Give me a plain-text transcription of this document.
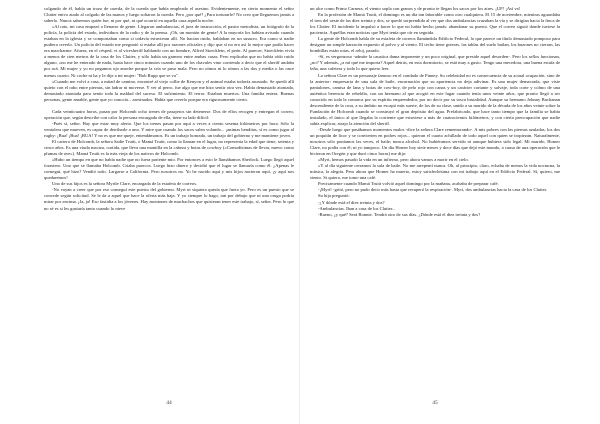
colgando de él, había un trozo de cuerda, de la cuerda que había empleado el asesino. Evidentemente, en cierto momento el señor Clutter enivo atado al colgado de las manos y luego soltaron la cuerda. Pero ¿por qué? ¿Para torturarle? No creo que lleguemos jamás a saberlo. Nunca sabremos quién fue, ni por qué, ni qué ocurrió en aquella casa aquella noche.

»Al rato, mi casa empezó a llenarse de gente. Llegaron ambulancias, el juez de instrucción, el pastor metodista, un fotógrafo de la policía, la policía del estado, individuos de la radio y de la prensa. ¡Oh, un montón de gente! A la mayoría los habían avisado cuando estaban en la iglesia y se comportaban como si todavía estuvieran allí. No hacían ruido, hablaban en un susurro. Era como si nadie pudiera creerlo. Un policía del estado me preguntó si estaba allí por razones oficiales y dijo que sí no era así lo mejor que podía hacer era marcharme. Afuera, en el césped, vi al vicesheriff hablando con un hombre, Alfred Stoecklein, el peón. Al parecer, Stoecklein vivía a menos de cien metros de la casa de los Clutter, y sólo había un granero entre ambas casas. Pero explicaba que no había oído ruido alguno, «no me he enterado de nada, hasta hace cinco minutos cuando uno de los chavales vino corriendo a decir que el sheriff andaba por acá. Mi mujer y yo no pegamos ojo anoche porque la cría se puso mala. Pero no oímos ni lo oímos a las dos y media o las once menos cuarto. Ni coche ni ha y le dije a mi mujer: "Bob Rupp que se va".

»Cuando me volví a casa, a mitad de camino, encontré al viejo collie de Kenyon y el animal estaba todavía asustado. Se quedó allí quieto con el rabo entre piernas, sin ladrar ni moverse. Y ver al perro, fue algo que me hizo sentir otra vez. Había demasiado atontada, demasiado atontada para sentir toda la maldad del suceso. El sufrimiento. El terror. Estaban muertos. Una familia entera. Buenas personas, gente amable, gente que yo conocía... asesinados. Había que creerlo porque era rigurosamente cierto.

Cada veinticuatro horas, pasan por Holcomb ocho trenes de pasajeros sin detenerse. Dos de ellos recogen y entregan el correo, operación que, según describe con calor la persona encargada de ella, tiene su lado difícil:

-Pués sí, señor. Hay que estar muy alerta. Que los trenes pasan por aquí a veces a ciento sesenta kilómetros por hora. Sólo la ventolera que mueven, es capaz de derribarle a uno. Y mire que cuando los sacos salen volando... ¡animas benditas, sí es como jugar al rugby: ¡Bua! ¡Bua! ¡BUA! Y no es que me queje, entendámonos. Es un trabajo honrado, un trabajo del gobierno y me mantiene joven.

El cartero de Holcomb, la señora Sadie Truitt, o Mamá Truitt, como la llaman en el lugar, no representa la edad que tiene, setenta y cinco años. Es una viuda maciza, curtida, que lleva una mantilla en la cabeza y botas de cowboy («Comodísimas de llevar, nuevo como plumas de ave»). Mamá Truitt es la más vieja de los nativos de Holcomb.

»Hubo un tiempo en que no había nadie que no fuera pariente mio. Por entonces a esto le llamábamos Sherlock. Luego llegó aquel forastero. Uno que se llamaba Holcomb. Criaba puercos. Luego hizo dinero y decidió que el lugar se llamaría como él. ¿Apenas le conseguí, qué hizo? Vendió todo. Largarse a California. Pero nosotros no. Yo he nacido aquí y mis hijos nacieron aquí, ¡y aquí nos quedaremos!

Uno de sus hijos es la señora Myrtle Clare, encargada de la estafeta de correos.

-No vayan a creer que por eso conseguí este puesto del gobierno. Myrt ni siquiera quería que fuera yo. Pero es un puesto que se concede según solicitud. Se le da a aquel que hace la oferta más baja. Y yo siempre lo hago, tan por debajo que ni una oruga podría mirar por encima. ¡Ja, ja! Eso fastidia a los jóvenes. Hay montones de muchachos que quisieran tener este trabajo, sí, señor. Pero lo que no sé es si les gustaría tanto cuando lo nieve

44

un alce como Primo Carnera, el viento sopla con granos y de pronto te llegan los sacos por los aires. ¡UF! ¡Así va!

En la profesión de Mamá Truitt, el domingo es un día tan laborable como otro cualquiera. El 15 de noviembre, mientras aguardaba el tren del oeste de las diez treinta y dos, se quedó sorprendida al ver que dos ambulancias cruzaban la vía y se dirigían hacia la finca de los Clutter. El incidente la impulsó a hacer lo que no había hecho jamás: abandonar su puesto. Que el correo siguió donde tuviese la paciencia. Aquéllas eran noticias que Myrt tenía que oír en seguida.

La gente de Holcomb habla de su estafeta de correos llamándola Edificio Federal, lo que parece un título demasiado pomposo para designar un simple barracón expuesto al polvo y al viento. El techo tiene goteras, las tablas del suelo bailan, los buzones no cierran, las bombillas están rotas, el reloj, parado.

-Sí, es vergonzoso -admite la caustica dama imponente y un poco original, que preside aquel desorden-. Pero los sellos funcionan, ¿no? Y además, ¿a mí qué me importa? Aquel detrás, en esta dormitorio, se está muy a gusto. Tengo una mecedora, una buena estufa de leña, una cafetera y todo lo que quiero leer.

La señora Clare es un personaje famoso en el condado de Finney. Su celebridad no es consecuencia de su actual ocupación, sino de la anterior: empresaria de una sala de baile, encarnación que su apariencia no deja adivinar. Es una mujer demacrada, que viste pantalones, camisa de lana y botas de cow-boy, de pelo rojo con canas y un carácter cortante y salvaje, toda corte y colmo de una auténtica herencia de rebeldía, con un hermano al que acogió en este lugar cuando tenía unos veinte años, que pronto llegó a ser conocido en toda la comarca por su espíritu emprendedor, por no decir por su tosca brutalidad. Aunque su hermano Johnny Buchanan descendiente de la cosa, a su ámbito no escapó más suerte, de los de su clase, unido a su marido de la década de los años veinte sobre la Fundación de Holcomb cuando se construyó el gran depósito del agua. Prefabricado, que hace tanto tiempo que la familia se había instalado, el único al que llegaba la corriente que estuviese a más de cuatrocientos kilómetros, y con cierta preocupación que nadie sabía explicar, atrajo la atención del sheriff.

-Desde luego que pasábamos momentos malos -dice la señora Clare rememorando-. A mis pobres con las piernas azuladas, los dos un poquitín de licor y se convierten en podres rojos... quieran el cuarto achillado de todo aquel con quien se tropiezan. Naturalmente, nosotros sólo poníamos las veces, el baile; nunca alcohol. No hubiéramos servido ni aunque hubiera sido legal. Mi marido, Homer Clare, no podía con él; ni yo tampoco. Un día Homer hoy siete meses y doce días que dejó este mundo, a causa de una operación que le hicieron en Oregón y que duró cinco horas) me dijo:

»Myrt, hemos pasado la vida en un infierno, pero ahora vamos a morir en el cielo.

»Y al día siguiente cerramos la sala de baile. No me arrepentí nunca. Oh, al principio, claro, echaba de menos la vida nocturna, la música, la alegría. Pero ahora que Homer ha muerto, estoy satisfechísima con mi trabajo aquí en el Edificio Federal. Sí, quiero, me siento. Si quiero, me tomo una café.

Precisamente cuando Mamá Truitt volvió aquel domingo por la mañana, acababa de preparar café.

-¡Myrt! -gritó, pero no pudo decir más hasta que recuperó la respiración-. Myrt, dos ambulancias hacia la casa de los Clutter.

Su hija preguntó:

-¿Y dónde está el diez treinta y dos?

-Ambulancias. Iban a casa de los Clutter...

-Bueno, ¿y qué? Será Bonnie. Tendrá otro de sus días. ¿Dónde está el diez treinta y dos?

45
